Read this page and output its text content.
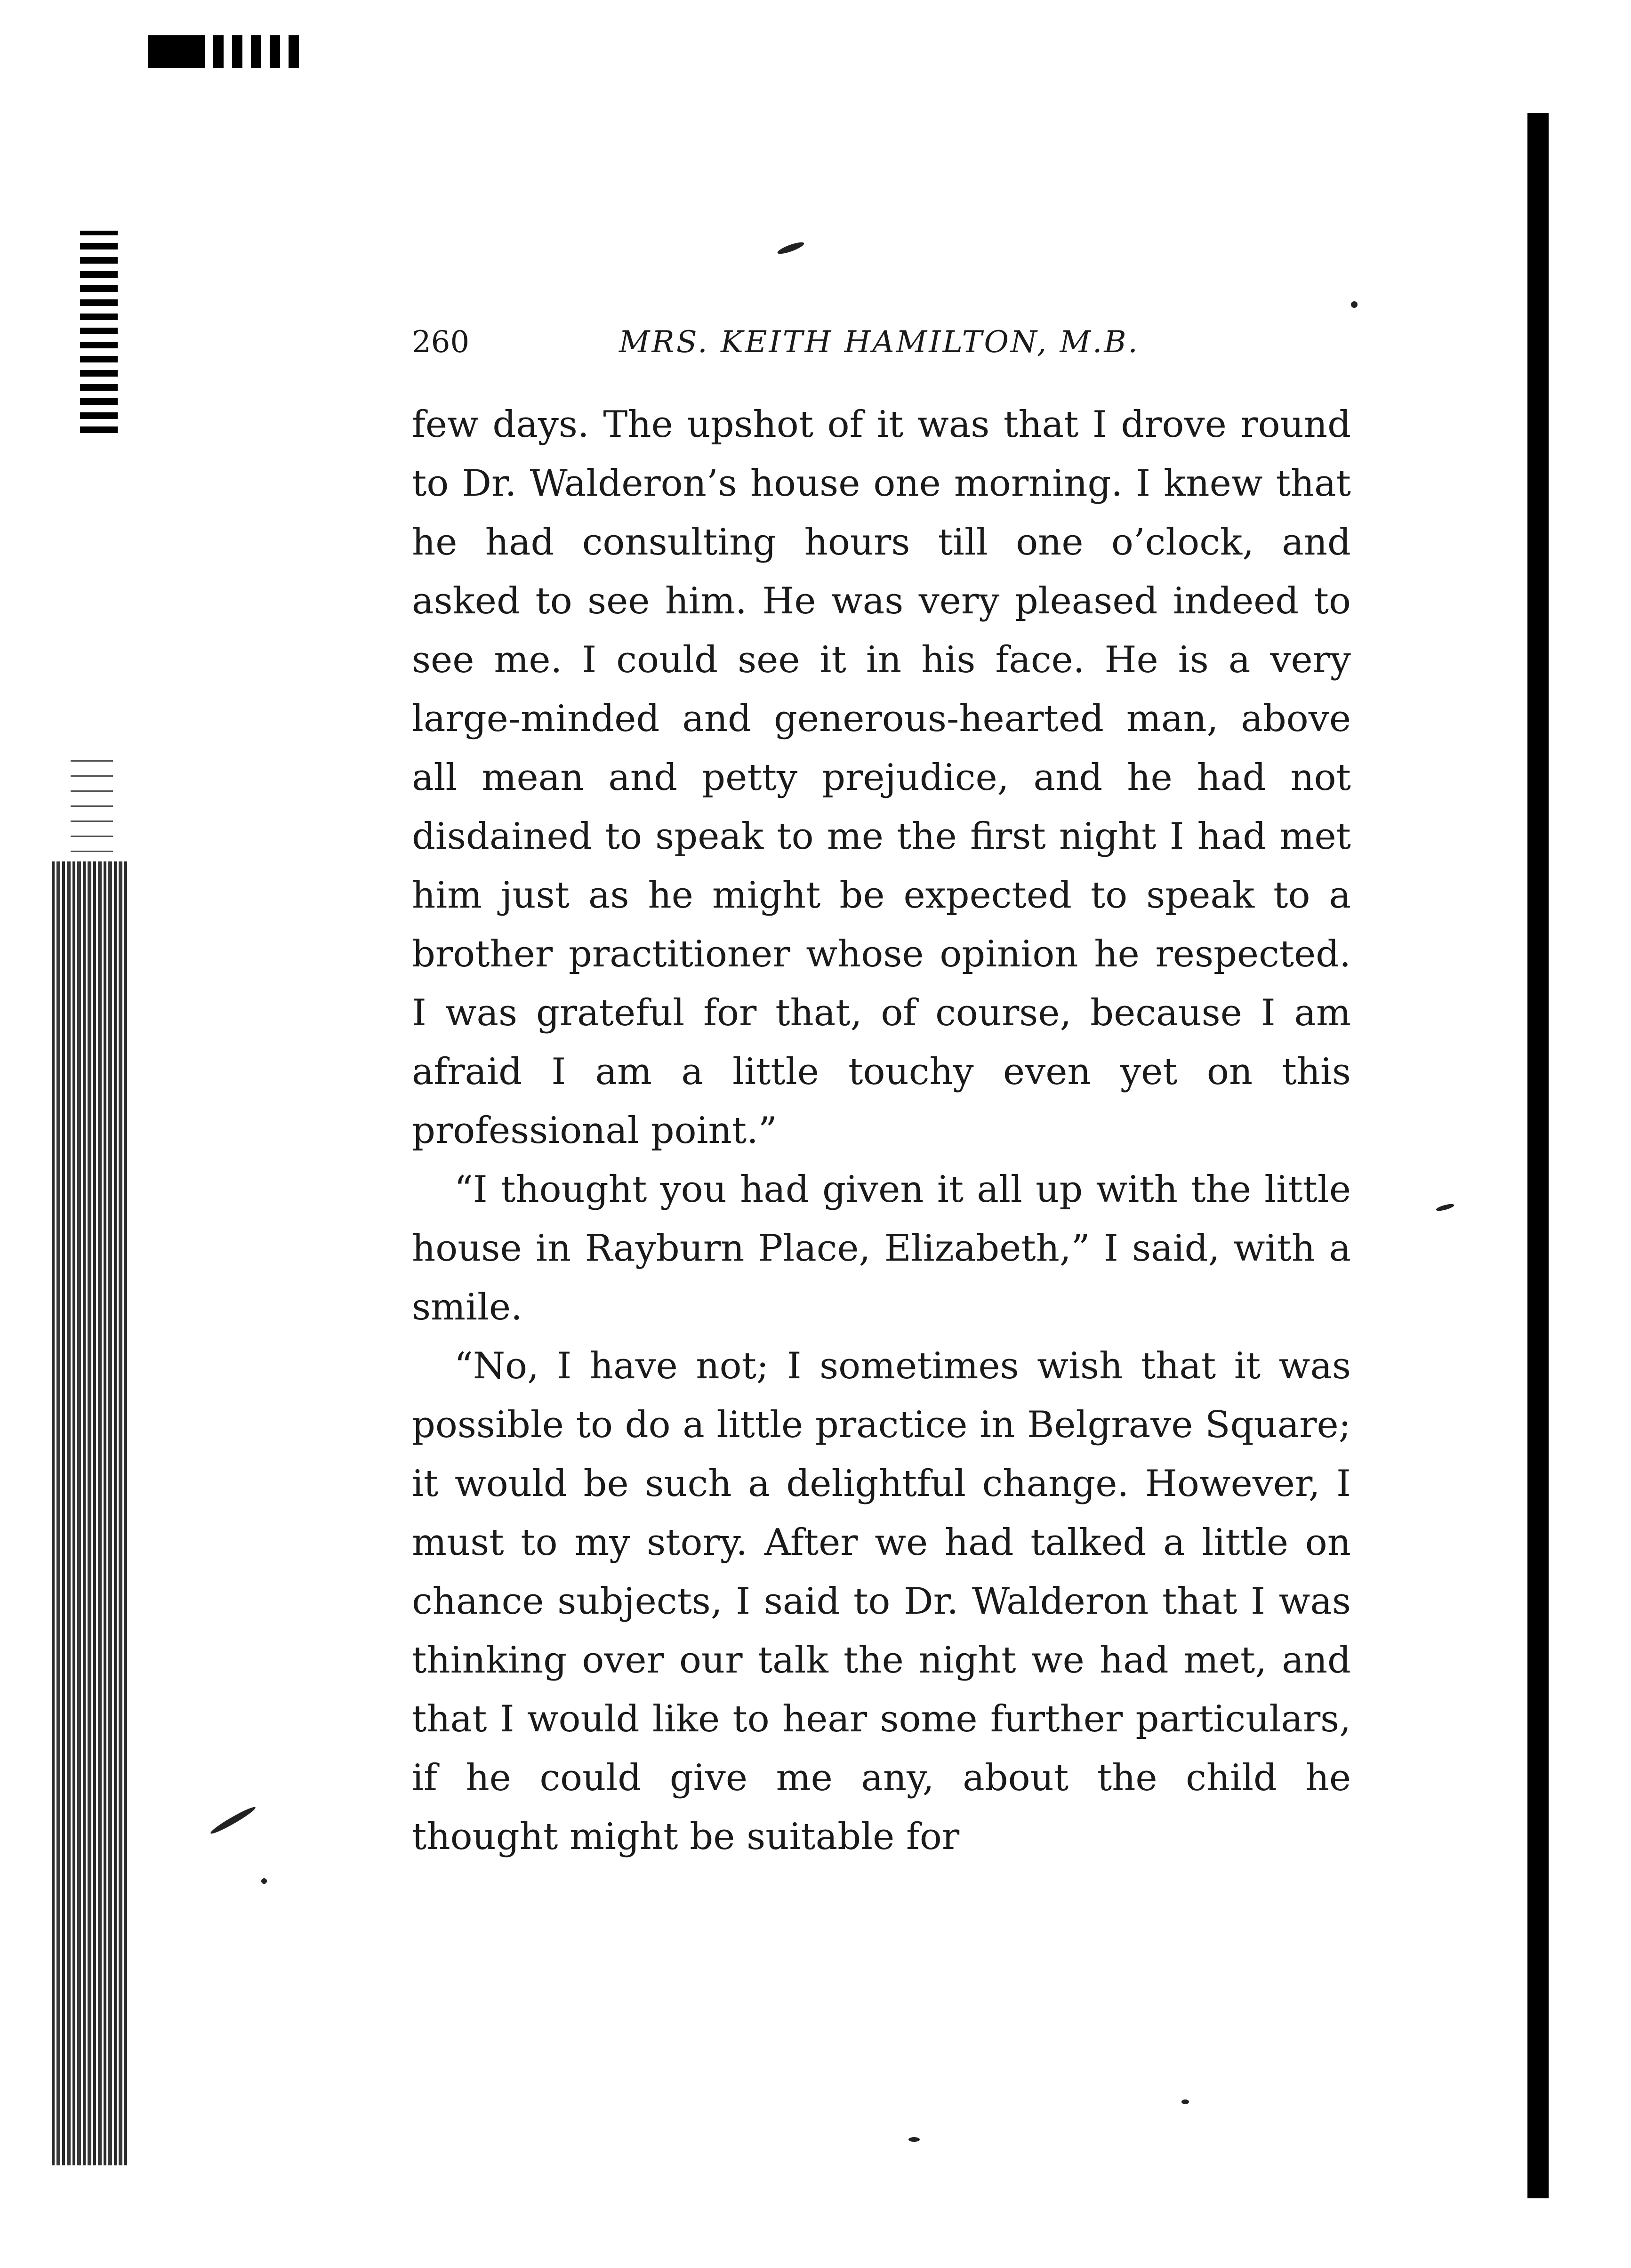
260	MRS. KEITH HAMILTON, M.B.

few days. The upshot of it was that I drove round to Dr. Walderon’s house one morning. I knew that he had consulting hours till one o’clock, and asked to see him. He was very pleased indeed to see me. I could see it in his face. He is a very large-minded and generous-hearted man, above all mean and petty prejudice, and he had not disdained to speak to me the first night I had met him just as he might be expected to speak to a brother practitioner whose opinion he respected. I was grateful for that, of course, because I am afraid I am a little touchy even yet on this professional point.”

“I thought you had given it all up with the little house in Rayburn Place, Elizabeth,” I said, with a smile.

“No, I have not; I sometimes wish that it was possible to do a little practice in Belgrave Square; it would be such a delightful change. However, I must to my story. After we had talked a little on chance subjects, I said to Dr. Walderon that I was thinking over our talk the night we had met, and that I would like to hear some further particulars, if he could give me any, about the child he thought might be suitable for
